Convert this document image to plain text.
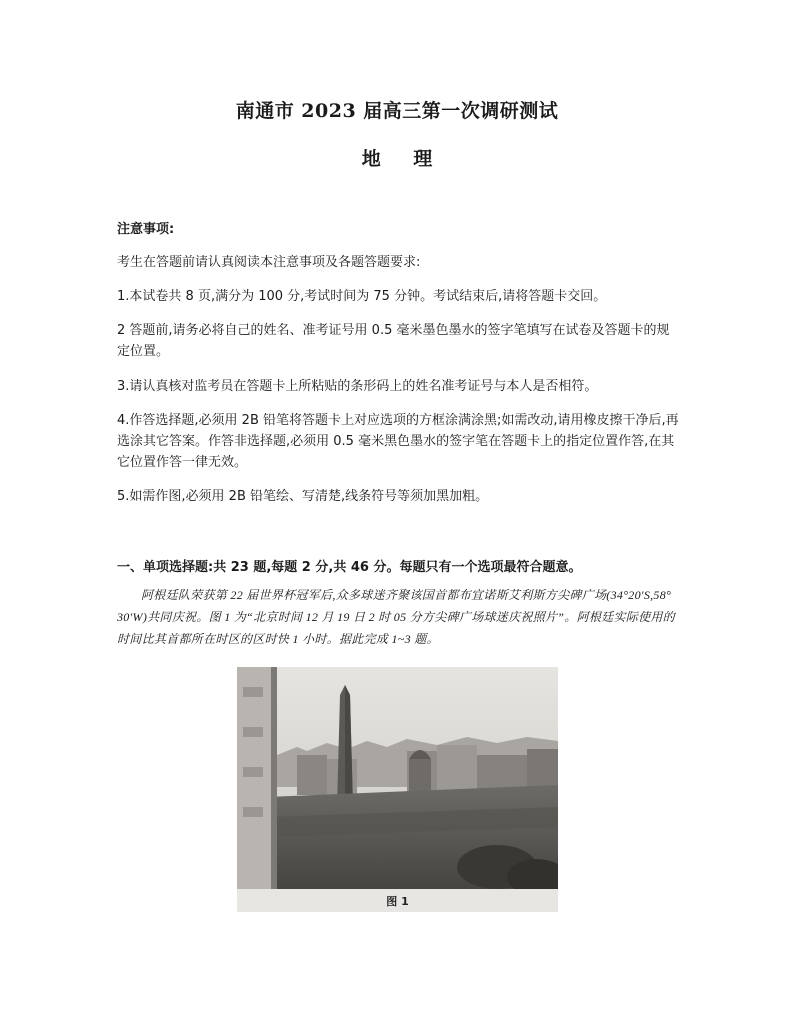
南通市 2023 届高三第一次调研测试
地 理
注意事项:
考生在答题前请认真阅读本注意事项及各题答题要求:
1.本试卷共 8 页,满分为 100 分,考试时间为 75 分钟。考试结束后,请将答题卡交回。
2 答题前,请务必将自己的姓名、准考证号用 0.5 毫米墨色墨水的签字笔填写在试卷及答题卡的规定位置。
3.请认真核对监考员在答题卡上所粘贴的条形码上的姓名准考证号与本人是否相符。
4.作答选择题,必须用 2B 铅笔将答题卡上对应选项的方框涂满涂黑;如需改动,请用橡皮擦干净后,再选涂其它答案。作答非选择题,必须用 0.5 毫米黑色墨水的签字笔在答题卡上的指定位置作答,在其它位置作答一律无效。
5.如需作图,必须用 2B 铅笔绘、写清楚,线条符号等须加黑加粗。
一、单项选择题:共 23 题,每题 2 分,共 46 分。每题只有一个选项最符合题意。
阿根廷队荣获第 22 届世界杯冠军后,众多球迷齐聚该国首都布宜诺斯艾利斯方尖碑广场(34°20′S,58° 30′W)共同庆祝。图 1 为“北京时间 12 月 19 日 2 时 05 分方尖碑广场球迷庆祝照片”。阿根廷实际使用的时间比其首都所在时区的区时快 1 小时。据此完成 1~3 题。
图 1
